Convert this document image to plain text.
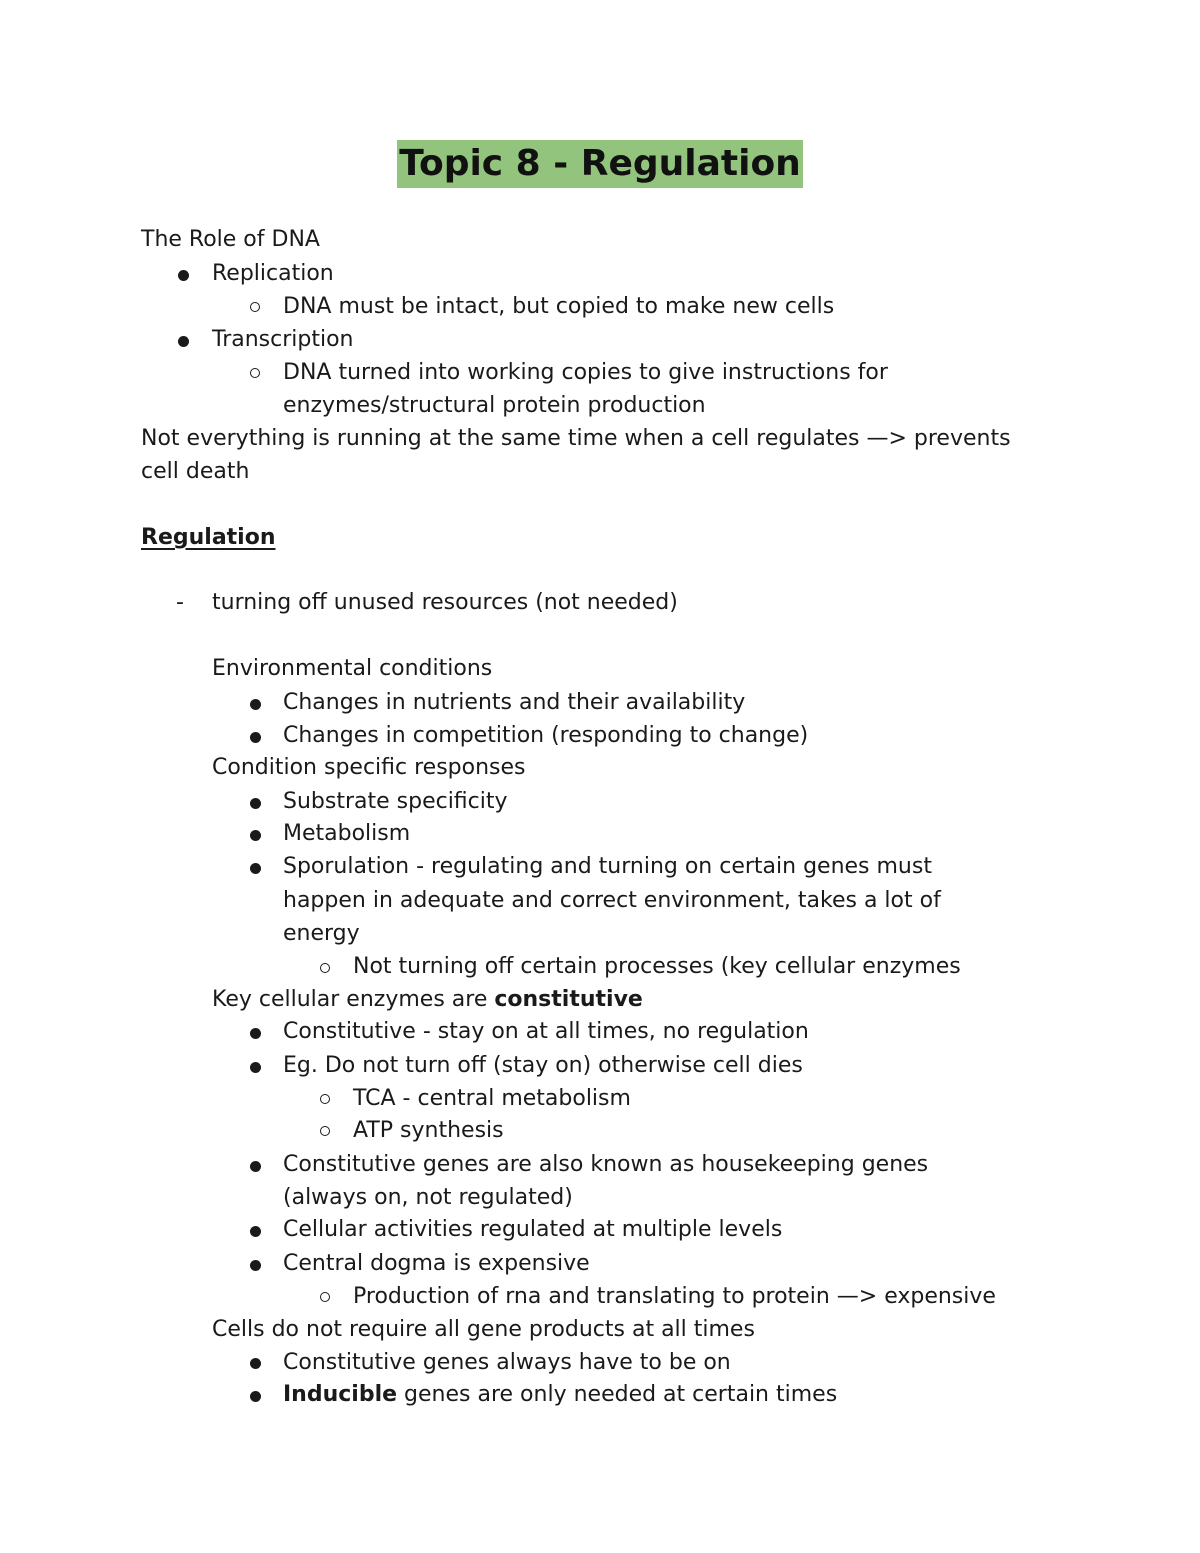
Topic 8 - Regulation
The Role of DNA
Replication
DNA must be intact, but copied to make new cells
Transcription
DNA turned into working copies to give instructions for
enzymes/structural protein production
Not everything is running at the same time when a cell regulates —> prevents
cell death
Regulation
- turning off unused resources (not needed)
Environmental conditions
Changes in nutrients and their availability
Changes in competition (responding to change)
Condition specific responses
Substrate specificity
Metabolism
Sporulation - regulating and turning on certain genes must
happen in adequate and correct environment, takes a lot of
energy
Not turning off certain processes (key cellular enzymes
Key cellular enzymes are constitutive
Constitutive - stay on at all times, no regulation
Eg. Do not turn off (stay on) otherwise cell dies
TCA - central metabolism
ATP synthesis
Constitutive genes are also known as housekeeping genes
(always on, not regulated)
Cellular activities regulated at multiple levels
Central dogma is expensive
Production of rna and translating to protein —> expensive
Cells do not require all gene products at all times
Constitutive genes always have to be on
Inducible genes are only needed at certain times
